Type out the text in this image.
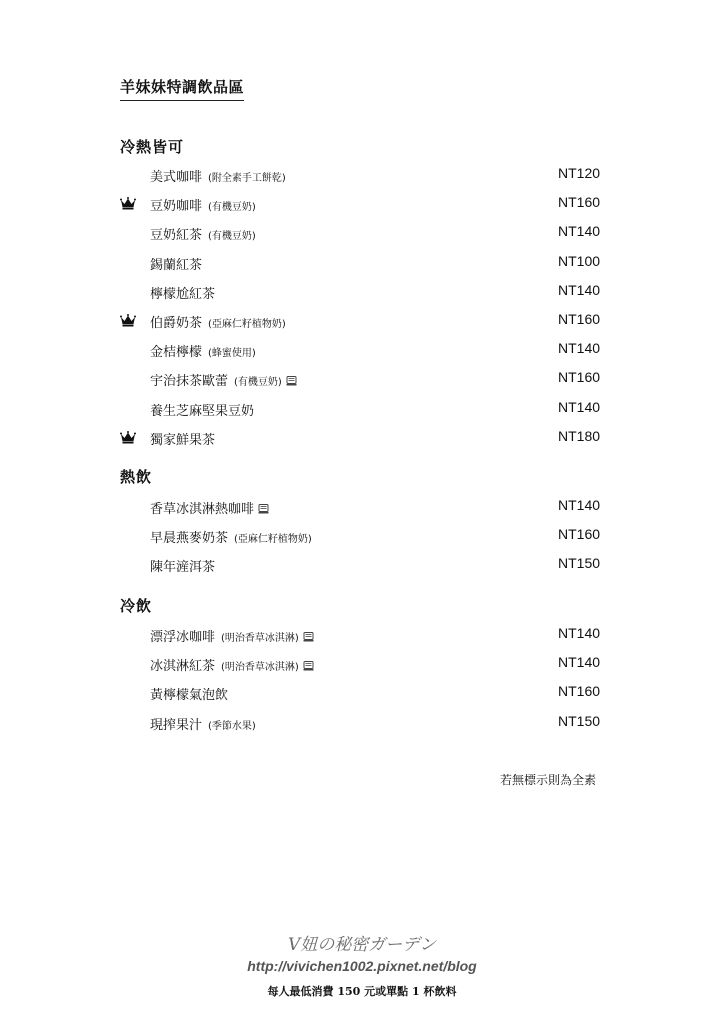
羊妹妹特調飲品區
冷熱皆可
美式咖啡 (附全素手工餅乾)	NT120
豆奶咖啡 (有機豆奶)	NT160
豆奶紅茶 (有機豆奶)	NT140
錫蘭紅茶	NT100
檸檬尬紅茶	NT140
伯爵奶茶 (亞麻仁籽植物奶)	NT160
金桔檸檬 (蜂蜜使用)	NT140
宇治抹茶歐蕾 (有機豆奶)	NT160
養生芝麻堅果豆奶	NT140
獨家鮮果茶	NT180
熱飲
香草冰淇淋熱咖啡	NT140
早晨燕麥奶茶 (亞麻仁籽植物奶)	NT160
陳年滻洱茶	NT150
冷飲
漂浮冰咖啡 (明治香草冰淇淋)	NT140
冰淇淋紅茶 (明治香草冰淇淋)	NT140
黃檸檬氣泡飲	NT160
現搾果汁 (季節水果)	NT150
若無標示則為全素
V妞の秘密ガーデン
http://vivichen1002.pixnet.net/blog
每人最低消費 150 元或單點 1 杯飲料
